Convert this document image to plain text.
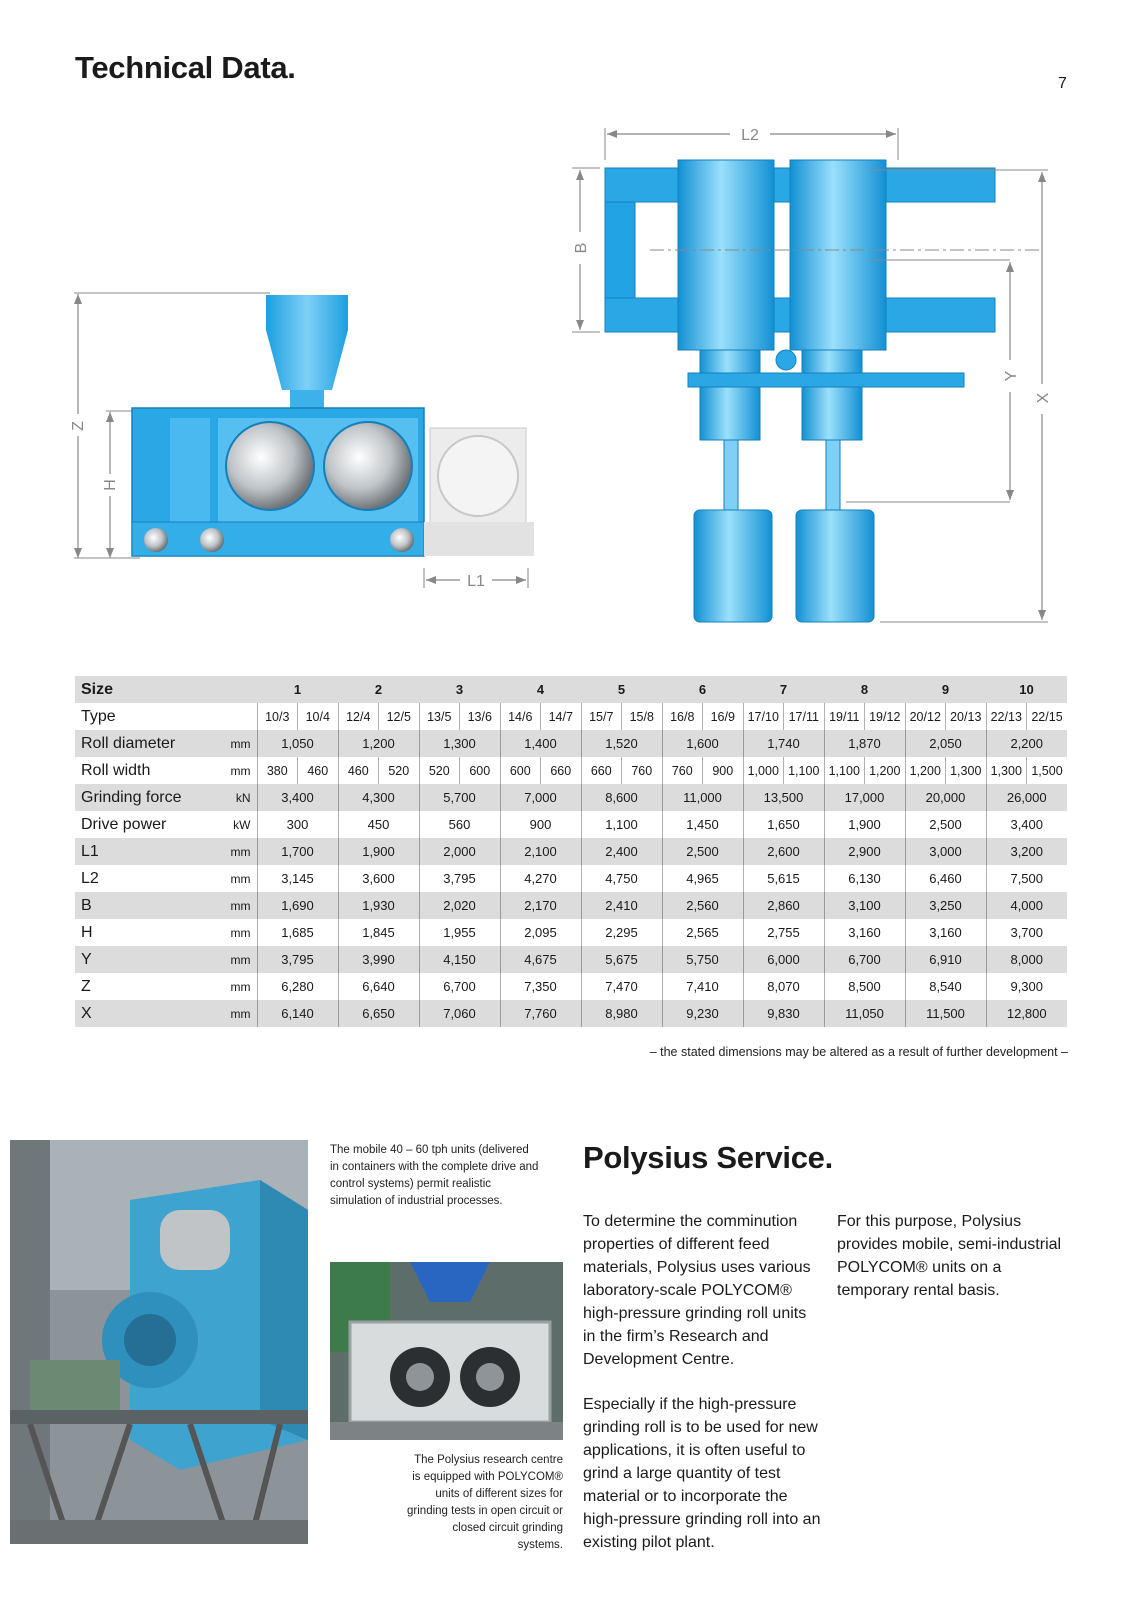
Technical Data.	7
Z
H
L1
L2
B
Y
X
Size		1		2		3		4		5		6		7		8		9		10	
Type		10/3	10/4	12/4	12/5	13/5	13/6	14/6	14/7	15/7	15/8	16/8	16/9	17/10	17/11	19/11	19/12	20/12	20/13	22/13	22/15
Roll diameter	mm	1,050		1,200		1,300		1,400		1,520		1,600		1,740		1,870		2,050		2,200	
Roll width	mm	380	460	460	520	520	600	600	660	660	760	760	900	1,000	1,100	1,100	1,200	1,200	1,300	1,300	1,500
Grinding force	kN	3,400		4,300		5,700		7,000		8,600		11,000		13,500		17,000		20,000		26,000	
Drive power	kW	300		450		560		900		1,100		1,450		1,650		1,900		2,500		3,400	
L1	mm	1,700		1,900		2,000		2,100		2,400		2,500		2,600		2,900		3,000		3,200	
L2	mm	3,145		3,600		3,795		4,270		4,750		4,965		5,615		6,130		6,460		7,500	
B	mm	1,690		1,930		2,020		2,170		2,410		2,560		2,860		3,100		3,250		4,000	
H	mm	1,685		1,845		1,955		2,095		2,295		2,565		2,755		3,160		3,160		3,700	
Y	mm	3,795		3,990		4,150		4,675		5,675		5,750		6,000		6,700		6,910		8,000	
Z	mm	6,280		6,640		6,700		7,350		7,470		7,410		8,070		8,500		8,540		9,300	
X	mm	6,140		6,650		7,060		7,760		8,980		9,230		9,830		11,050		11,500		12,800	
– the stated dimensions may be altered as a result of further development –
The mobile 40 – 60 tph units (delivered in containers with the complete drive and control systems) permit realistic simulation of industrial processes.
The Polysius research centre is equipped with POLYCOM® units of different sizes for grinding tests in open circuit or closed circuit grinding systems.
Polysius Service.

To determine the comminution properties of different feed materials, Polysius uses various laboratory-scale POLYCOM® high-pressure grinding roll units in the firm’s Research and Development Centre.

Especially if the high-pressure grinding roll is to be used for new applications, it is often useful to grind a large quantity of test material or to incorporate the high-pressure grinding roll into an existing pilot plant.

For this purpose, Polysius provides mobile, semi-industrial POLYCOM® units on a temporary rental basis.
